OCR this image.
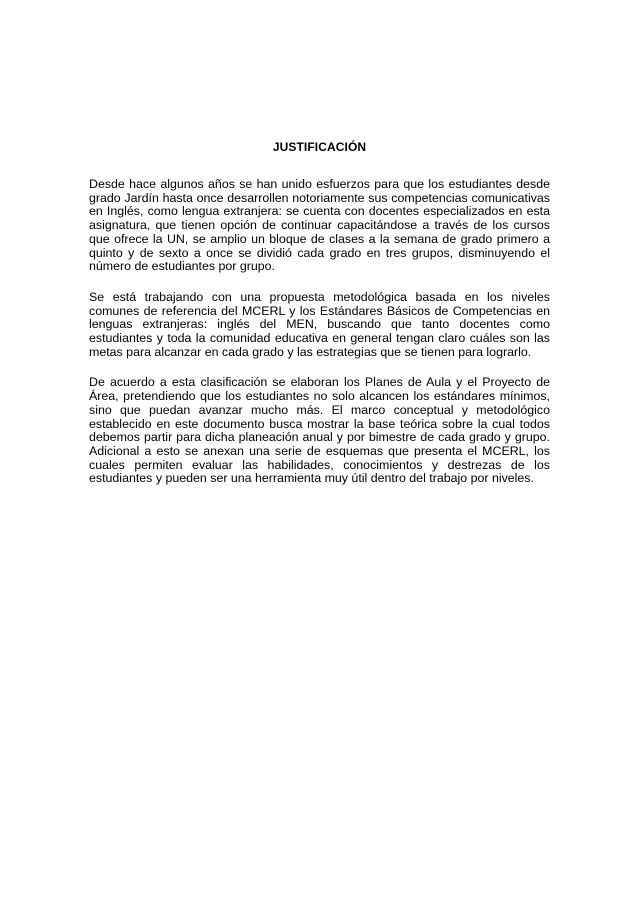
JUSTIFICACIÓN

Desde hace algunos años se han unido esfuerzos para que los estudiantes desde grado Jardín hasta once desarrollen notoriamente sus competencias comunicativas en Inglés, como lengua extranjera: se cuenta con docentes especializados en esta asignatura, que tienen opción de continuar capacitándose a través de los cursos que ofrece la UN, se amplio un bloque de clases a la semana de grado primero a quinto y de sexto a once se dividió cada grado en tres grupos, disminuyendo el número de estudiantes por grupo.

Se está trabajando con una propuesta metodológica basada en los niveles comunes de referencia del MCERL y los Estándares Básicos de Competencias en lenguas extranjeras: inglés del MEN, buscando que tanto docentes como estudiantes y toda la comunidad educativa en general tengan claro cuáles son las metas para alcanzar en cada grado y las estrategias que se tienen para lograrlo.

De acuerdo a esta clasificación se elaboran los Planes de Aula y el Proyecto de Área, pretendiendo que los estudiantes no solo alcancen los estándares mínimos, sino que puedan avanzar mucho más. El marco conceptual y metodológico establecido en este documento busca mostrar la base teórica sobre la cual todos debemos partir para dicha planeación anual y por bimestre de cada grado y grupo. Adicional a esto se anexan una serie de esquemas que presenta el MCERL, los cuales permiten evaluar las habilidades, conocimientos y destrezas de los estudiantes y pueden ser una herramienta muy útil dentro del trabajo por niveles.
